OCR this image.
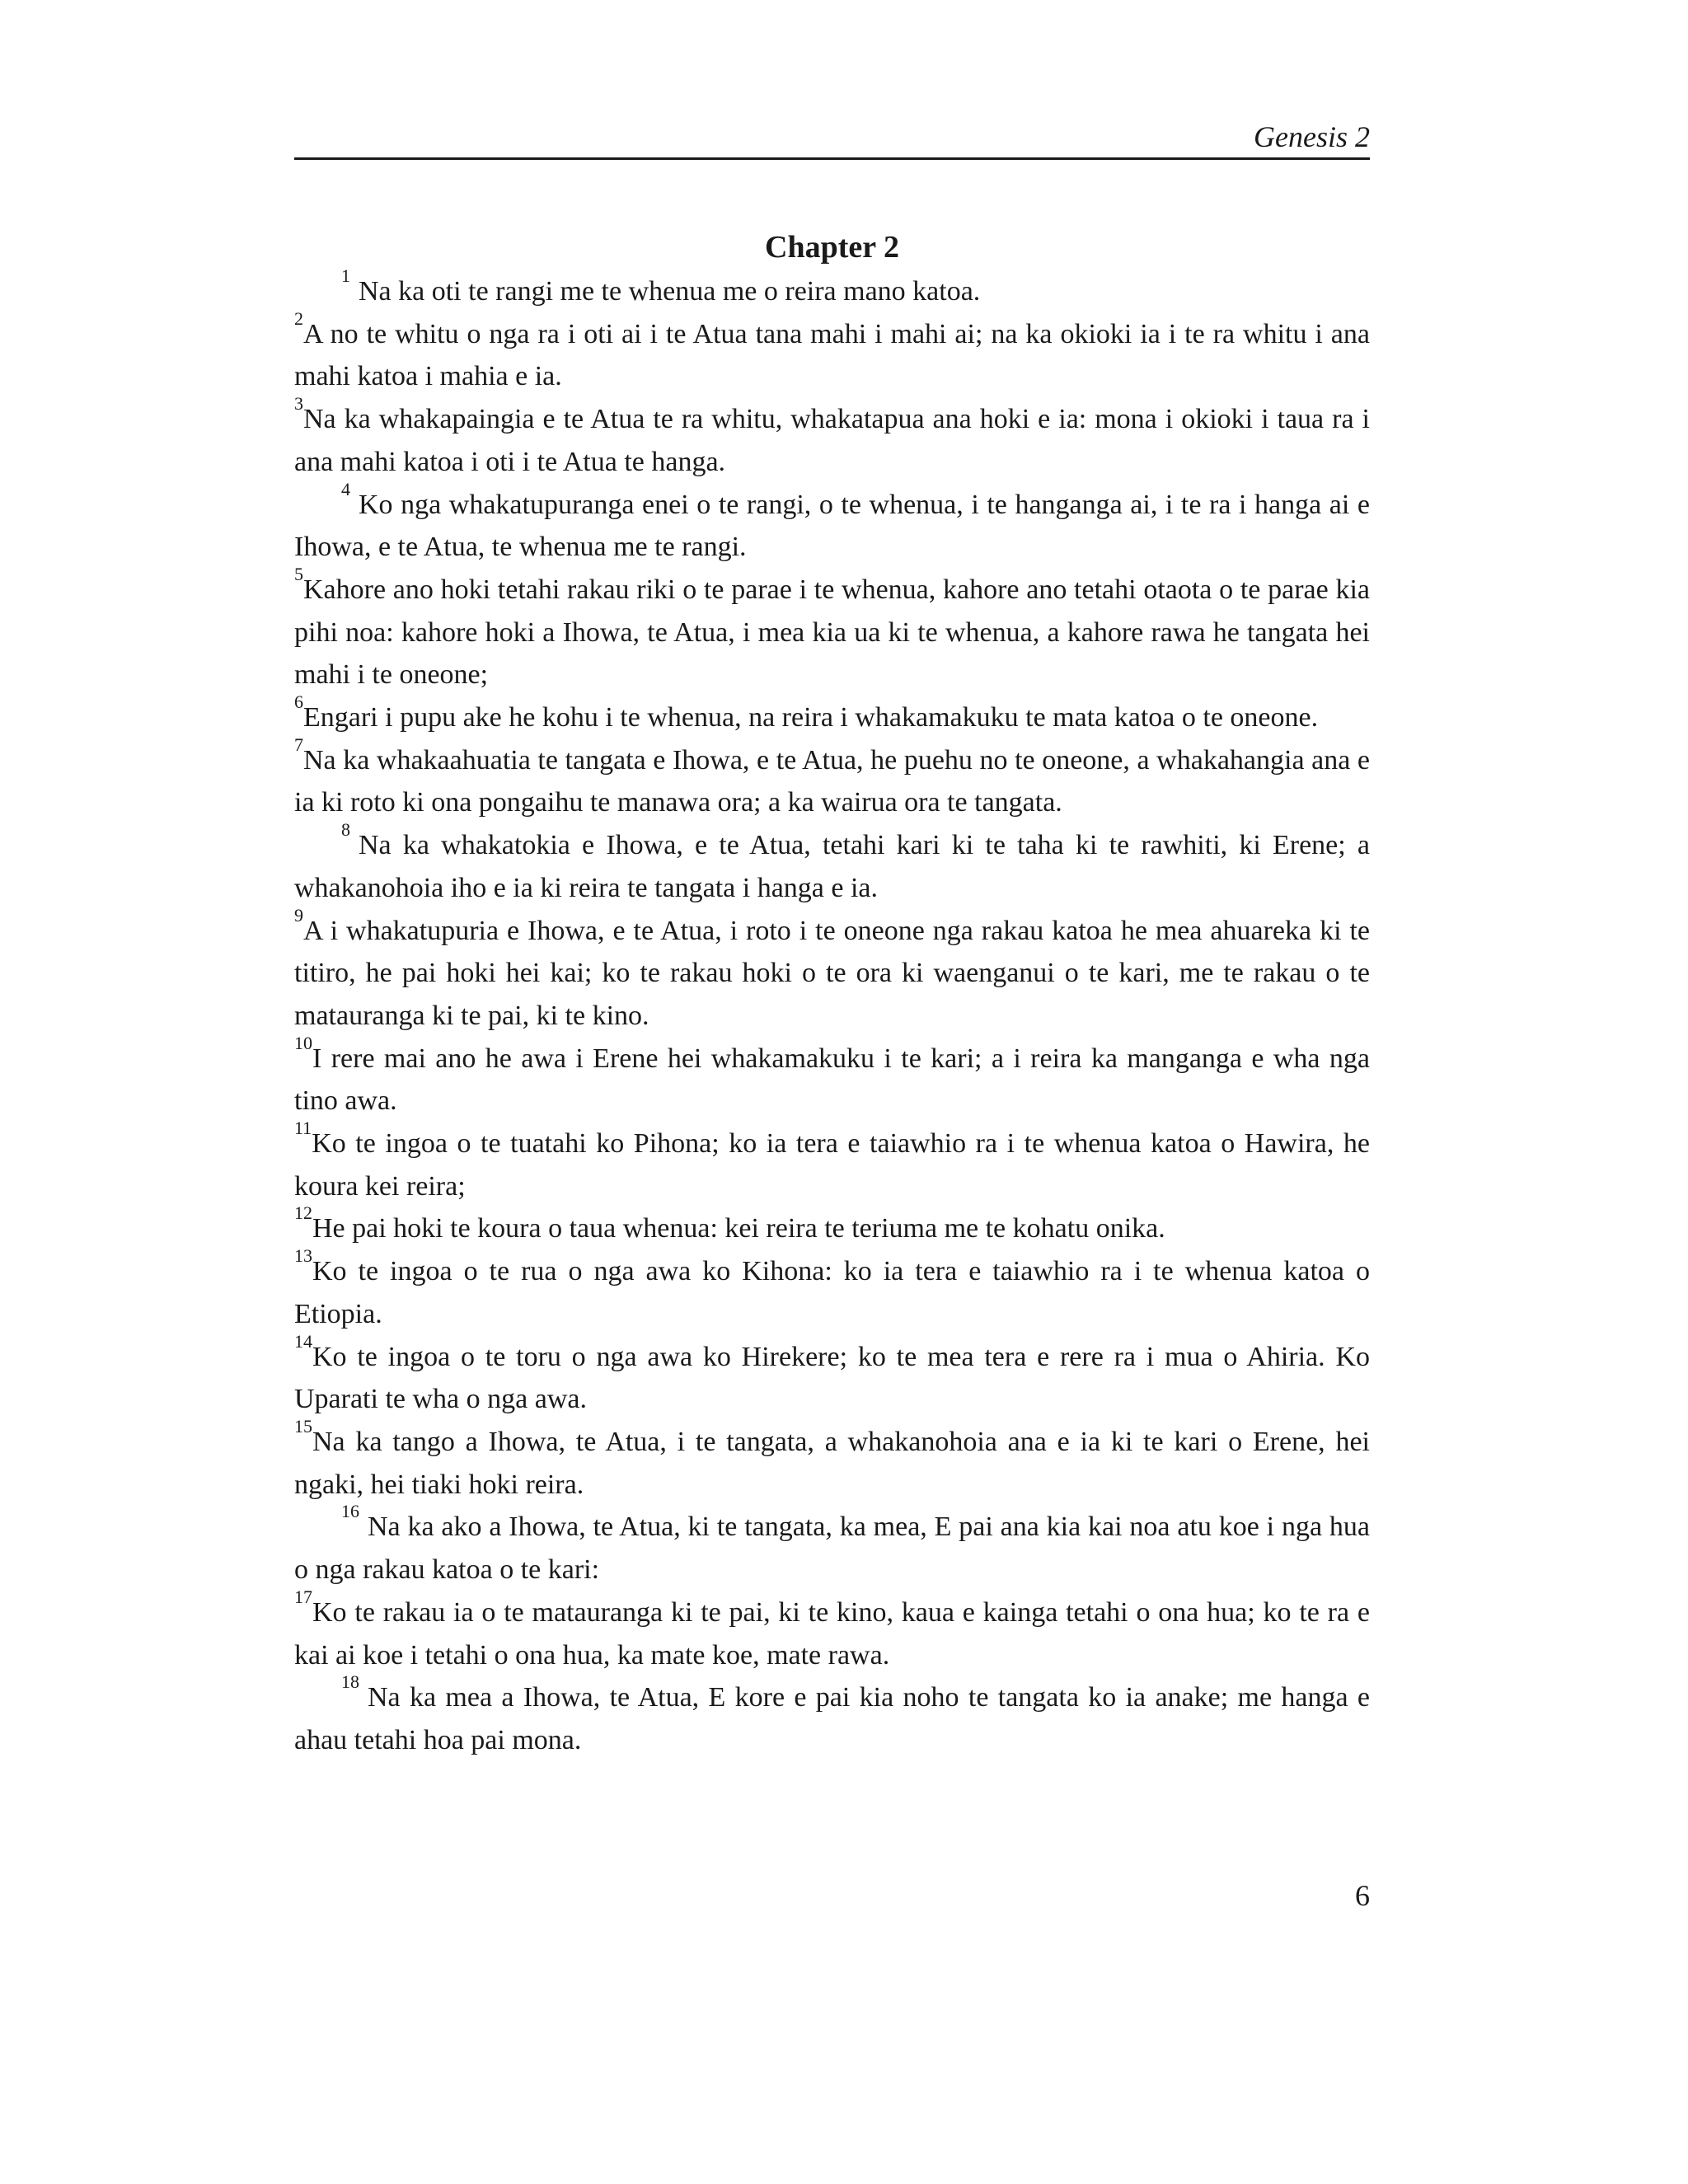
Genesis 2
Chapter 2

$^1$Na ka oti te rangi me te whenua me o reira mano katoa.

$^2$A no te whitu o nga ra i oti ai i te Atua tana mahi i mahi ai; na ka okioki ia i te ra whitu i ana mahi katoa i mahia e ia.

$^3$Na ka whakapaingia e te Atua te ra whitu, whakatapua ana hoki e ia: mona i okioki i taua ra i ana mahi katoa i oti i te Atua te hanga.

$^4$Ko nga whakatupuranga enei o te rangi, o te whenua, i te hanganga ai, i te ra i hanga ai e Ihowa, e te Atua, te whenua me te rangi.

$^5$Kahore ano hoki tetahi rakau riki o te parae i te whenua, kahore ano tetahi otaota o te parae kia pihi noa: kahore hoki a Ihowa, te Atua, i mea kia ua ki te whenua, a kahore rawa he tangata hei mahi i te oneone;

$^6$Engari i pupu ake he kohu i te whenua, na reira i whakamakuku te mata katoa o te oneone.

$^7$Na ka whakaahuatia te tangata e Ihowa, e te Atua, he puehu no te oneone, a whakahangia ana e ia ki roto ki ona pongaihu te manawa ora; a ka wairua ora te tangata.

$^8$Na ka whakatokia e Ihowa, e te Atua, tetahi kari ki te taha ki te rawhiti, ki Erene; a whakanohoia iho e ia ki reira te tangata i hanga e ia.

$^9$A i whakatupuria e Ihowa, e te Atua, i roto i te oneone nga rakau katoa he mea ahuareka ki te titiro, he pai hoki hei kai; ko te rakau hoki o te ora ki waenganui o te kari, me te rakau o te matauranga ki te pai, ki te kino.

$^{10}$I rere mai ano he awa i Erene hei whakamakuku i te kari; a i reira ka manganga e wha nga tino awa.

$^{11}$Ko te ingoa o te tuatahi ko Pihona; ko ia tera e taiawhio ra i te whenua katoa o Hawira, he koura kei reira;

$^{12}$He pai hoki te koura o taua whenua: kei reira te teriuma me te kohatu onika.

$^{13}$Ko te ingoa o te rua o nga awa ko Kihona: ko ia tera e taiawhio ra i te whenua katoa o Etiopia.

$^{14}$Ko te ingoa o te toru o nga awa ko Hirekere; ko te mea tera e rere ra i mua o Ahiria. Ko Uparati te wha o nga awa.

$^{15}$Na ka tango a Ihowa, te Atua, i te tangata, a whakanohoia ana e ia ki te kari o Erene, hei ngaki, hei tiaki hoki reira.

$^{16}$Na ka ako a Ihowa, te Atua, ki te tangata, ka mea, E pai ana kia kai noa atu koe i nga hua o nga rakau katoa o te kari:

$^{17}$Ko te rakau ia o te matauranga ki te pai, ki te kino, kaua e kainga tetahi o ona hua; ko te ra e kai ai koe i tetahi o ona hua, ka mate koe, mate rawa.

$^{18}$Na ka mea a Ihowa, te Atua, E kore e pai kia noho te tangata ko ia anake; me hanga e ahau tetahi hoa pai mona.

6
